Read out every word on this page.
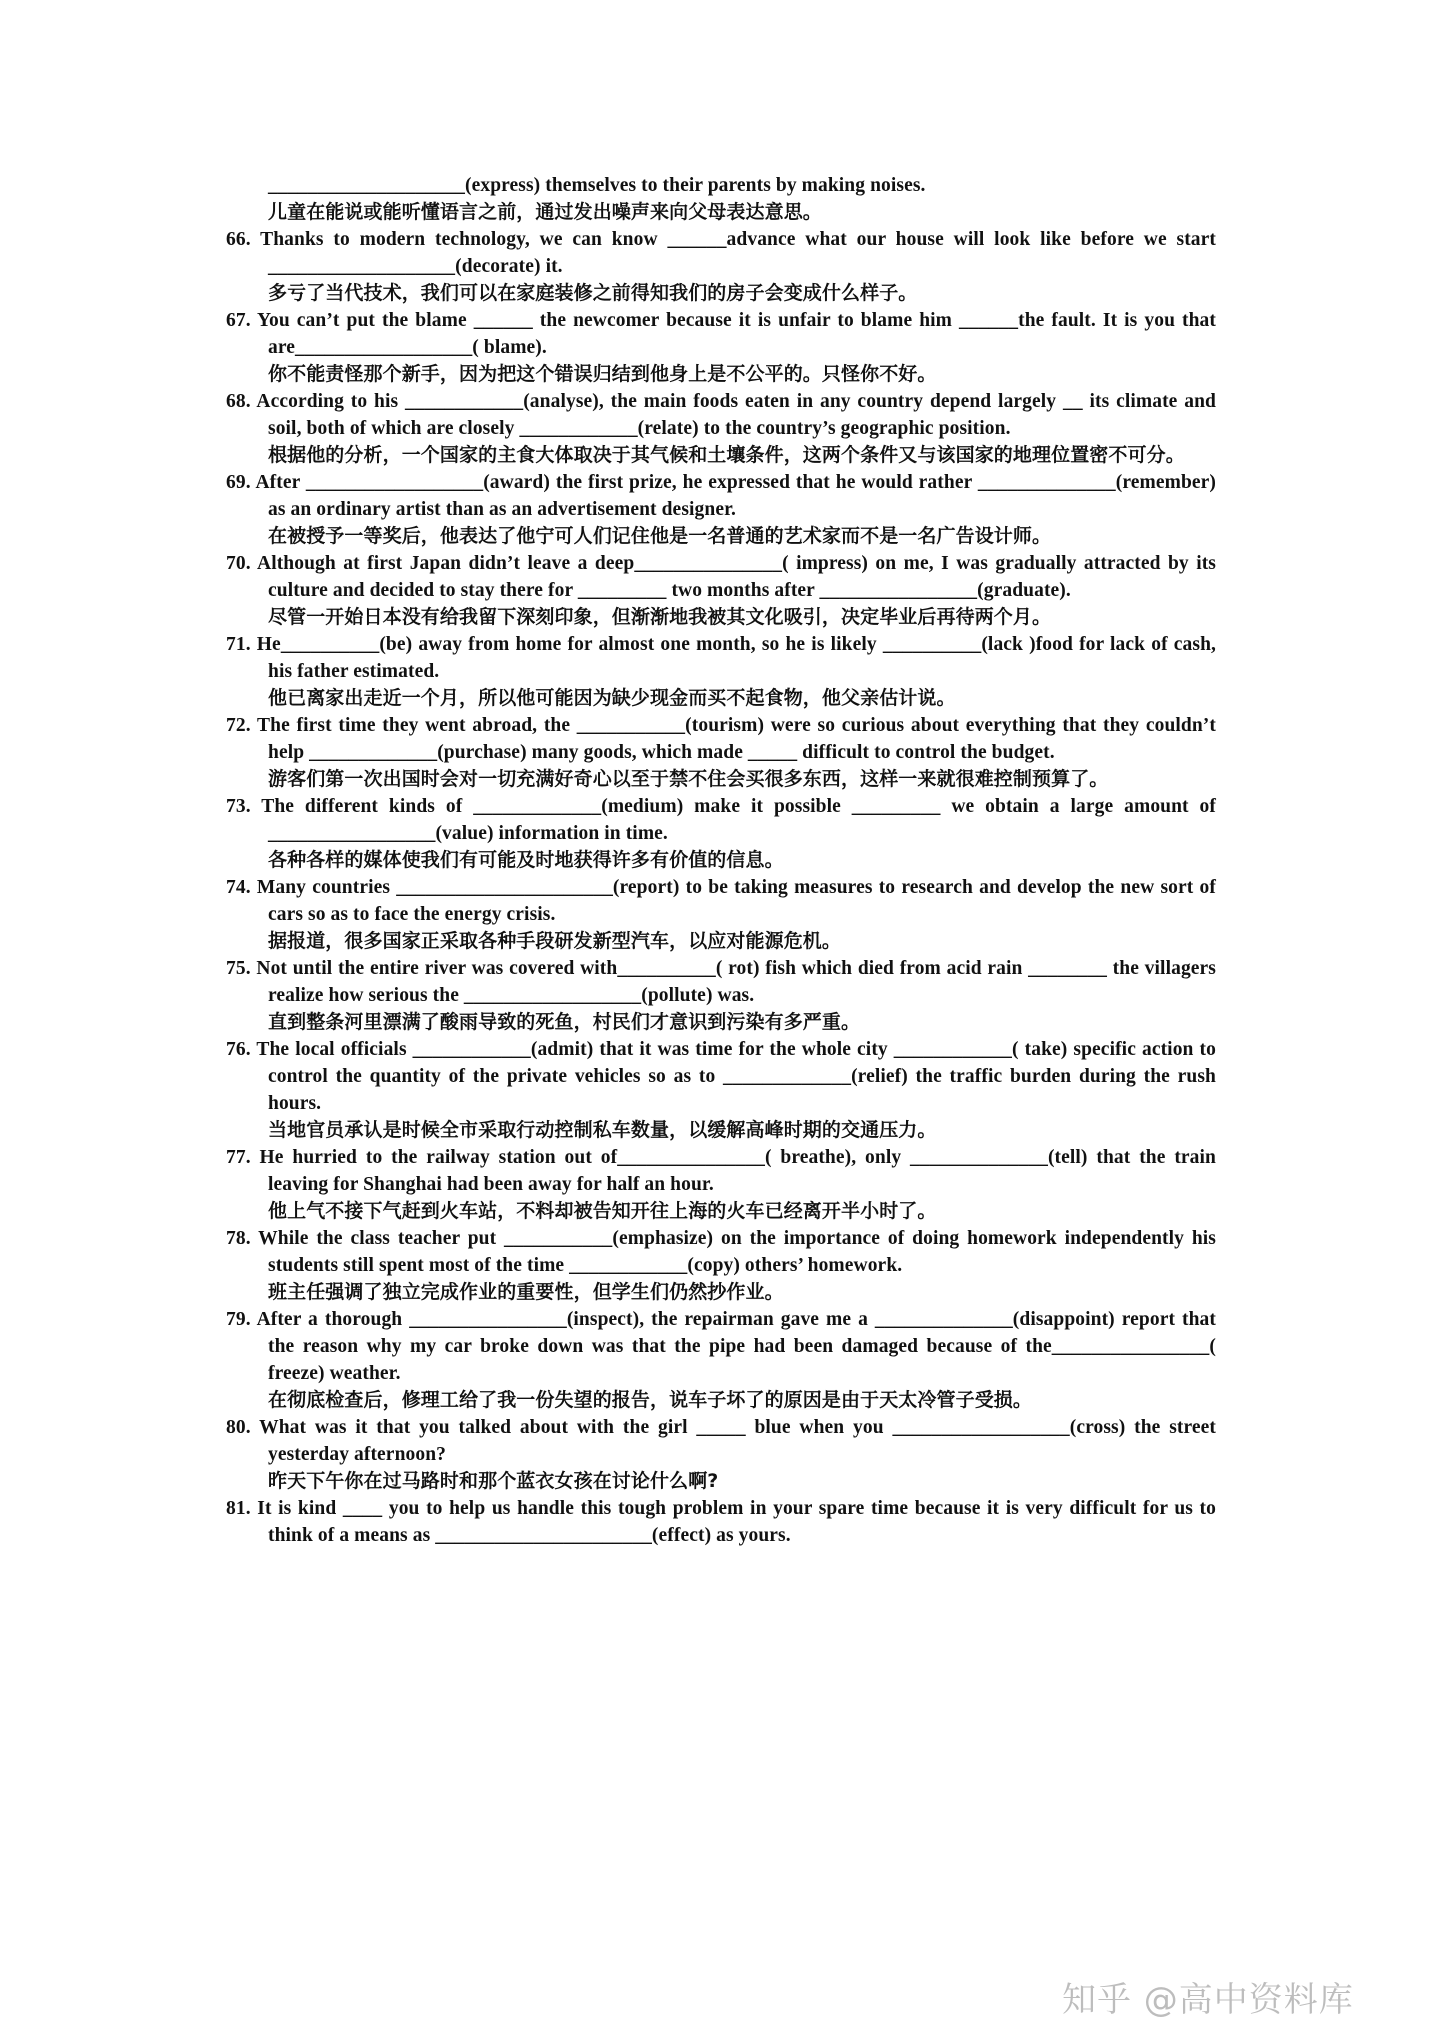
____________________(express) themselves to their parents by making noises.
儿童在能说或能听懂语言之前，通过发出噪声来向父母表达意思。
66. Thanks to modern technology, we can know ______advance what our house will look like before we start ___________________(decorate) it.
多亏了当代技术，我们可以在家庭装修之前得知我们的房子会变成什么样子。
67. You can’t put the blame ______ the newcomer because it is unfair to blame him ______the fault. It is you that are__________________( blame).
你不能责怪那个新手，因为把这个错误归结到他身上是不公平的。只怪你不好。
68. According to his ____________(analyse), the main foods eaten in any country depend largely __ its climate and soil, both of which are closely ____________(relate) to the country’s geographic position.
根据他的分析，一个国家的主食大体取决于其气候和土壤条件，这两个条件又与该国家的地理位置密不可分。
69. After __________________(award) the first prize, he expressed that he would rather ______________(remember) as an ordinary artist than as an advertisement designer.
在被授予一等奖后，他表达了他宁可人们记住他是一名普通的艺术家而不是一名广告设计师。
70. Although at first Japan didn’t leave a deep_______________( impress) on me, I was gradually attracted by its culture and decided to stay there for _________ two months after ________________(graduate).
尽管一开始日本没有给我留下深刻印象，但渐渐地我被其文化吸引，决定毕业后再待两个月。
71. He__________(be) away from home for almost one month, so he is likely __________(lack )food for lack of cash, his father estimated.
他已离家出走近一个月，所以他可能因为缺少现金而买不起食物，他父亲估计说。
72. The first time they went abroad, the ___________(tourism) were so curious about everything that they couldn’t help _____________(purchase) many goods, which made _____ difficult to control the budget.
游客们第一次出国时会对一切充满好奇心以至于禁不住会买很多东西，这样一来就很难控制预算了。
73. The different kinds of _____________(medium) make it possible _________ we obtain a large amount of _________________(value) information in time.
各种各样的媒体使我们有可能及时地获得许多有价值的信息。
74. Many countries ______________________(report) to be taking measures to research and develop the new sort of cars so as to face the energy crisis.
据报道，很多国家正采取各种手段研发新型汽车，以应对能源危机。
75. Not until the entire river was covered with__________( rot) fish which died from acid rain ________ the villagers realize how serious the __________________(pollute) was.
直到整条河里漂满了酸雨导致的死鱼，村民们才意识到污染有多严重。
76. The local officials ____________(admit) that it was time for the whole city ____________( take) specific action to control the quantity of the private vehicles so as to _____________(relief) the traffic burden during the rush hours.
当地官员承认是时候全市采取行动控制私车数量，以缓解高峰时期的交通压力。
77. He hurried to the railway station out of_______________( breathe), only ______________(tell) that the train leaving for Shanghai had been away for half an hour.
他上气不接下气赶到火车站，不料却被告知开往上海的火车已经离开半小时了。
78. While the class teacher put ___________(emphasize) on the importance of doing homework independently his students still spent most of the time ____________(copy) others’ homework.
班主任强调了独立完成作业的重要性，但学生们仍然抄作业。
79. After a thorough ________________(inspect), the repairman gave me a ______________(disappoint) report that the reason why my car broke down was that the pipe had been damaged because of the________________( freeze) weather.
在彻底检查后，修理工给了我一份失望的报告，说车子坏了的原因是由于天太冷管子受损。
80. What was it that you talked about with the girl _____ blue when you __________________(cross) the street yesterday afternoon?
昨天下午你在过马路时和那个蓝衣女孩在讨论什么啊?
81. It is kind ____ you to help us handle this tough problem in your spare time because it is very difficult for us to think of a means as ______________________(effect) as yours.
知乎 @高中资料库
